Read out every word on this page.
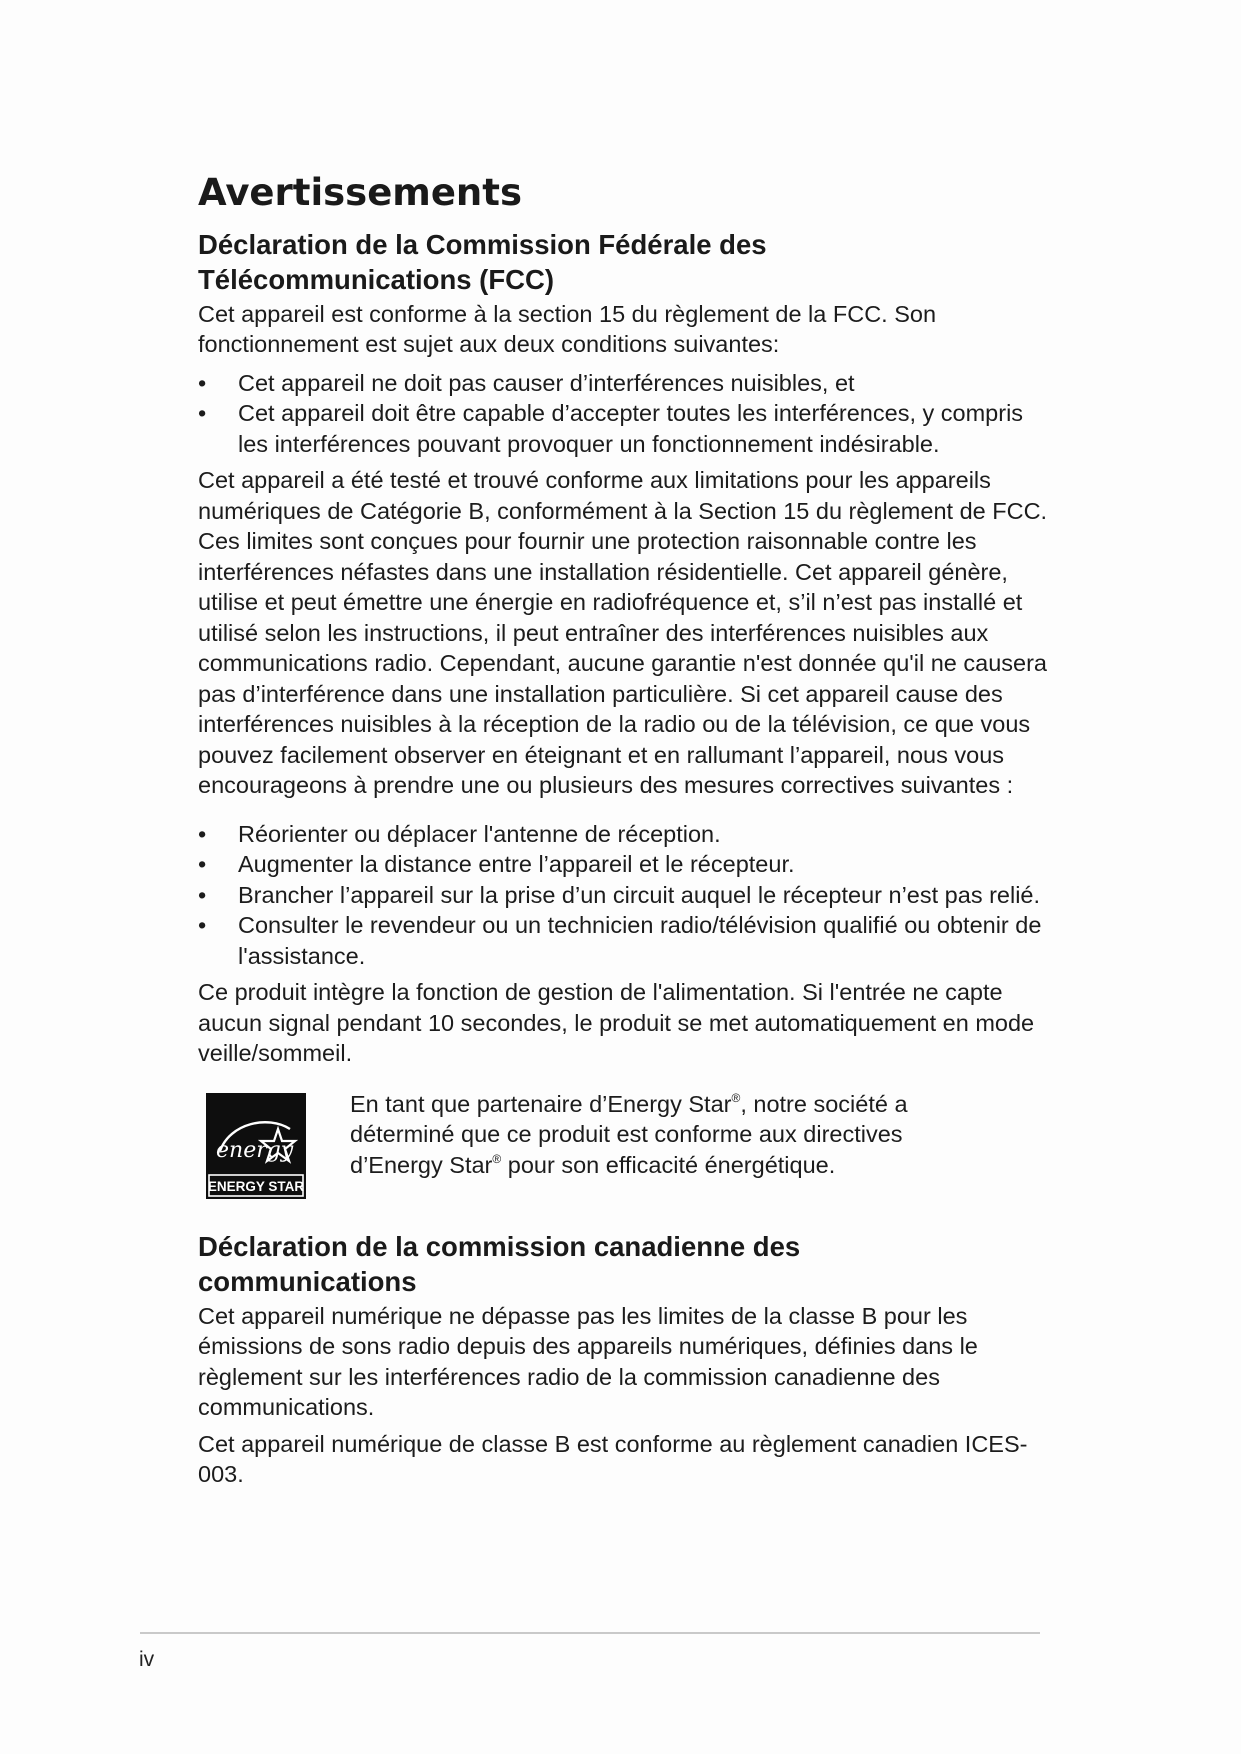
Avertissements
Déclaration de la Commission Fédérale des
Télécommunications (FCC)

Cet appareil est conforme à la section 15 du règlement de la FCC. Son fonctionnement est sujet aux deux conditions suivantes:

• Cet appareil ne doit pas causer d’interférences nuisibles, et
• Cet appareil doit être capable d’accepter toutes les interférences, y compris les interférences pouvant provoquer un fonctionnement indésirable.

Cet appareil a été testé et trouvé conforme aux limitations pour les appareils numériques de Catégorie B, conformément à la Section 15 du règlement de FCC. Ces limites sont conçues pour fournir une protection raisonnable contre les interférences néfastes dans une installation résidentielle. Cet appareil génère, utilise et peut émettre une énergie en radiofréquence et, s’il n’est pas installé et utilisé selon les instructions, il peut entraîner des interférences nuisibles aux communications radio. Cependant, aucune garantie n'est donnée qu'il ne causera pas d’interférence dans une installation particulière. Si cet appareil cause des interférences nuisibles à la réception de la radio ou de la télévision, ce que vous pouvez facilement observer en éteignant et en rallumant l’appareil, nous vous encourageons à prendre une ou plusieurs des mesures correctives suivantes :

• Réorienter ou déplacer l'antenne de réception.
• Augmenter la distance entre l’appareil et le récepteur.
• Brancher l’appareil sur la prise d’un circuit auquel le récepteur n’est pas relié.
• Consulter le revendeur ou un technicien radio/télévision qualifié ou obtenir de l'assistance.

Ce produit intègre la fonction de gestion de l'alimentation. Si l'entrée ne capte aucun signal pendant 10 secondes, le produit se met automatiquement en mode veille/sommeil.

energy
ENERGY STAR

En tant que partenaire d’Energy Star®, notre société a déterminé que ce produit est conforme aux directives d’Energy Star® pour son efficacité énergétique.

Déclaration de la commission canadienne des
communications

Cet appareil numérique ne dépasse pas les limites de la classe B pour les émissions de sons radio depuis des appareils numériques, définies dans le règlement sur les interférences radio de la commission canadienne des communications.

Cet appareil numérique de classe B est conforme au règlement canadien ICES-003.

iv
